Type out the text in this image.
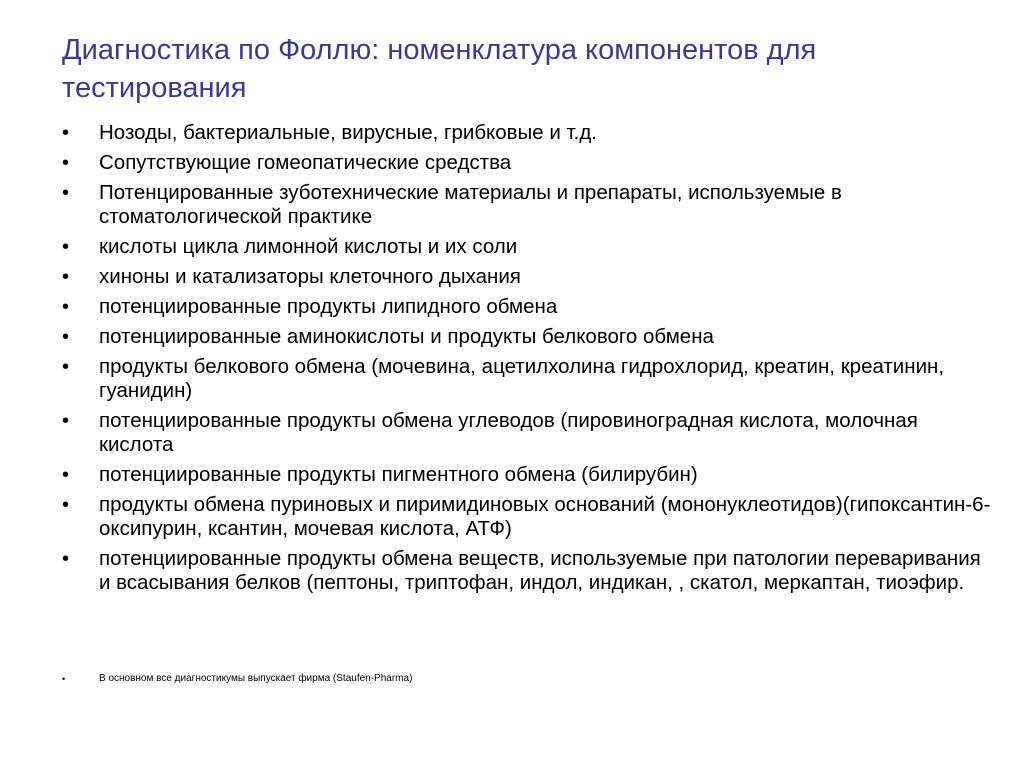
Диагностика по Фоллю: номенклатура компонентов для тестирования
•	Нозоды, бактериальные, вирусные, грибковые и т.д.
•	Сопутствующие гомеопатические средства
•	Потенцированные зуботехнические материалы и препараты, используемые в стоматологической практике
•	кислоты цикла лимонной кислоты и их соли
•	хиноны и катализаторы клеточного дыхания
•	потенциированные продукты липидного обмена
•	потенциированные аминокислоты и продукты белкового обмена
•	продукты белкового обмена (мочевина, ацетилхолина гидрохлорид, креатин, креатинин, гуанидин)
•	потенциированные продукты обмена углеводов (пировиноградная кислота, молочная кислота
•	потенциированные продукты пигментного обмена (билирубин)
•	продукты обмена пуриновых и пиримидиновых оснований (мононуклеотидов)(гипоксантин-6-оксипурин, ксантин, мочевая кислота, АТФ)
•	потенциированные продукты обмена веществ, используемые при патологии переваривания и всасывания белков (пептоны, триптофан, индол, индикан, , скатол, меркаптан, тиоэфир.
•	В основном все диагностикумы выпускает фирма (Staufen-Pharma)
